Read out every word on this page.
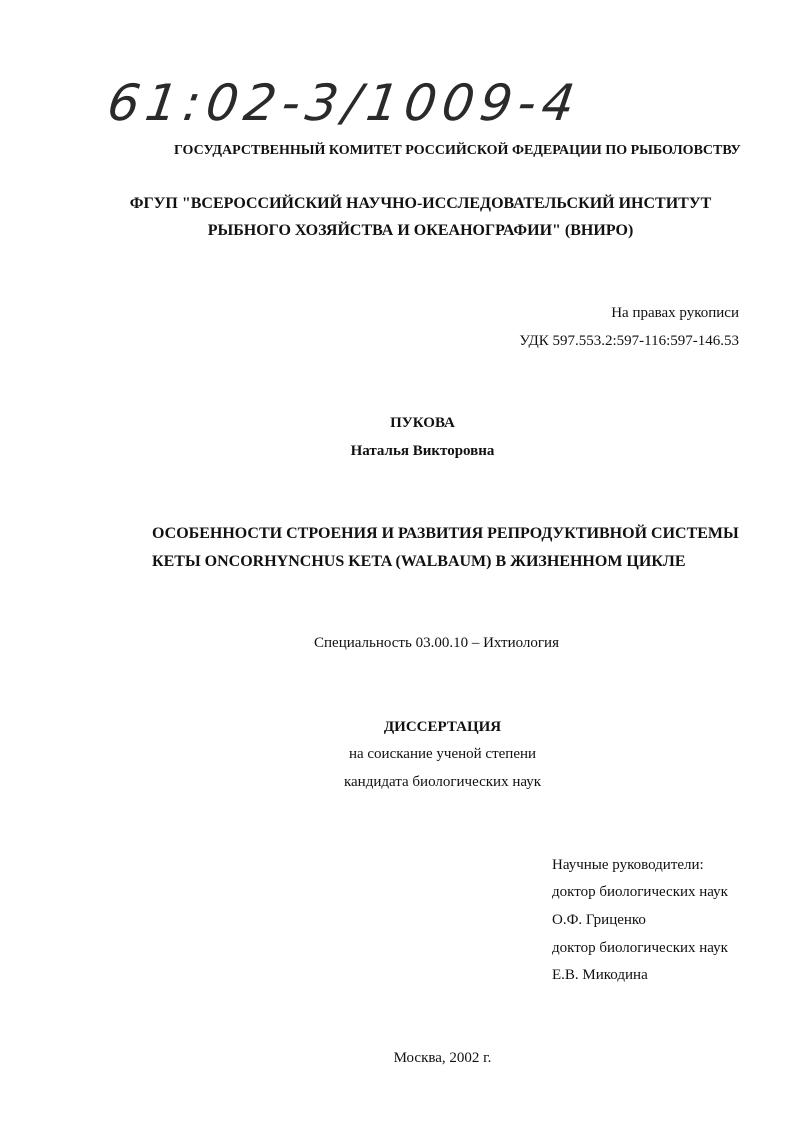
61:02-3/1009-4
ГОСУДАРСТВЕННЫЙ КОМИТЕТ РОССИЙСКОЙ ФЕДЕРАЦИИ ПО РЫБОЛОВСТВУ
ФГУП "ВСЕРОССИЙСКИЙ НАУЧНО-ИССЛЕДОВАТЕЛЬСКИЙ ИНСТИТУТ
РЫБНОГО ХОЗЯЙСТВА И ОКЕАНОГРАФИИ" (ВНИРО)
На правах рукописи
УДК 597.553.2:597-116:597-146.53
ПУКОВА
Наталья Викторовна
ОСОБЕННОСТИ СТРОЕНИЯ И РАЗВИТИЯ РЕПРОДУКТИВНОЙ СИСТЕМЫ
КЕТЫ ONCORHYNCHUS KETA (WALBAUM) В ЖИЗНЕННОМ ЦИКЛЕ
Специальность 03.00.10 – Ихтиология
ДИССЕРТАЦИЯ
на соискание ученой степени
кандидата биологических наук
Научные руководители:
доктор биологических наук
О.Ф. Гриценко
доктор биологических наук
Е.В. Микодина
Москва, 2002 г.
